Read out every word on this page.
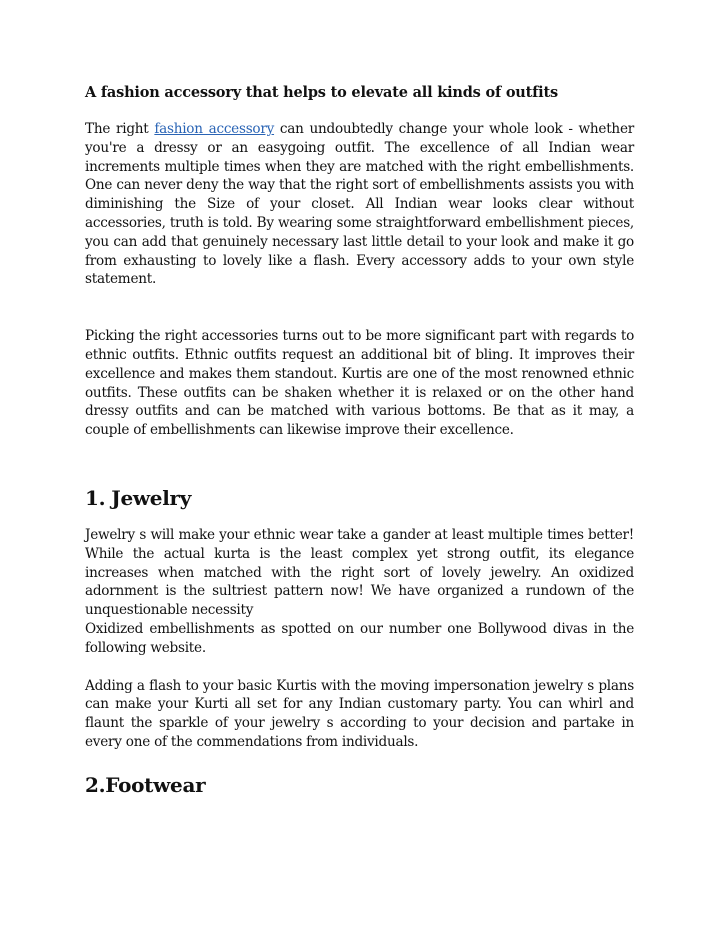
A fashion accessory that helps to elevate all kinds of outfits

The right fashion accessory can undoubtedly change your whole look - whether you're a dressy or an easygoing outfit. The excellence of all Indian wear increments multiple times when they are matched with the right embellishments. One can never deny the way that the right sort of embellishments assists you with diminishing the Size of your closet. All Indian wear looks clear without accessories, truth is told. By wearing some straightforward embellishment pieces, you can add that genuinely necessary last little detail to your look and make it go from exhausting to lovely like a flash. Every accessory adds to your own style statement.

Picking the right accessories turns out to be more significant part with regards to ethnic outfits. Ethnic outfits request an additional bit of bling. It improves their excellence and makes them standout. Kurtis are one of the most renowned ethnic outfits. These outfits can be shaken whether it is relaxed or on the other hand dressy outfits and can be matched with various bottoms. Be that as it may, a couple of embellishments can likewise improve their excellence.

1. Jewelry

Jewelry s will make your ethnic wear take a gander at least multiple times better! While the actual kurta is the least complex yet strong outfit, its elegance increases when matched with the right sort of lovely jewelry. An oxidized adornment is the sultriest pattern now! We have organized a rundown of the unquestionable necessity
Oxidized embellishments as spotted on our number one Bollywood divas in the following website.

Adding a flash to your basic Kurtis with the moving impersonation jewelry s plans can make your Kurti all set for any Indian customary party. You can whirl and flaunt the sparkle of your jewelry s according to your decision and partake in every one of the commendations from individuals.

2.Footwear
